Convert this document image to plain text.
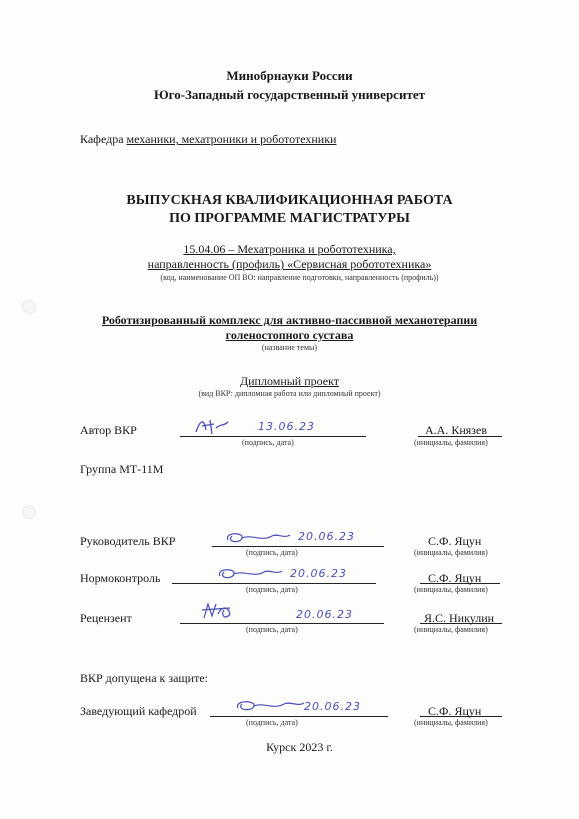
Минобрнауки России
Юго-Западный государственный университет
Кафедра механики, мехатроники и робототехники
ВЫПУСКНАЯ КВАЛИФИКАЦИОННАЯ РАБОТА
ПО ПРОГРАММЕ МАГИСТРАТУРЫ
15.04.06 – Мехатроника и робототехника,
направленность (профиль) «Сервисная робототехника»
(код, наименование ОП ВО: направление подготовки, направленность (профиль))
Роботизированный комплекс для активно-пассивной механотерапии
голеностопного сустава
(название темы)
Дипломный проект
(вид ВКР: дипломная работа или дипломный проект)
Автор ВКР	13.06.23
(подпись, дата)
А.А. Князев
(инициалы, фамилия)
Группа МТ-11М
Руководитель ВКР	20.06.23
(подпись, дата)
С.Ф. Яцун
(инициалы, фамилия)
Нормоконтроль	20.06.23
(подпись, дата)
С.Ф. Яцун
(инициалы, фамилия)
Рецензент	20.06.23
(подпись, дата)
Я.С. Никулин
(инициалы, фамилия)
ВКР допущена к защите:
Заведующий кафедрой	20.06.23
(подпись, дата)
С.Ф. Яцун
(инициалы, фамилия)
Курск 2023 г.
